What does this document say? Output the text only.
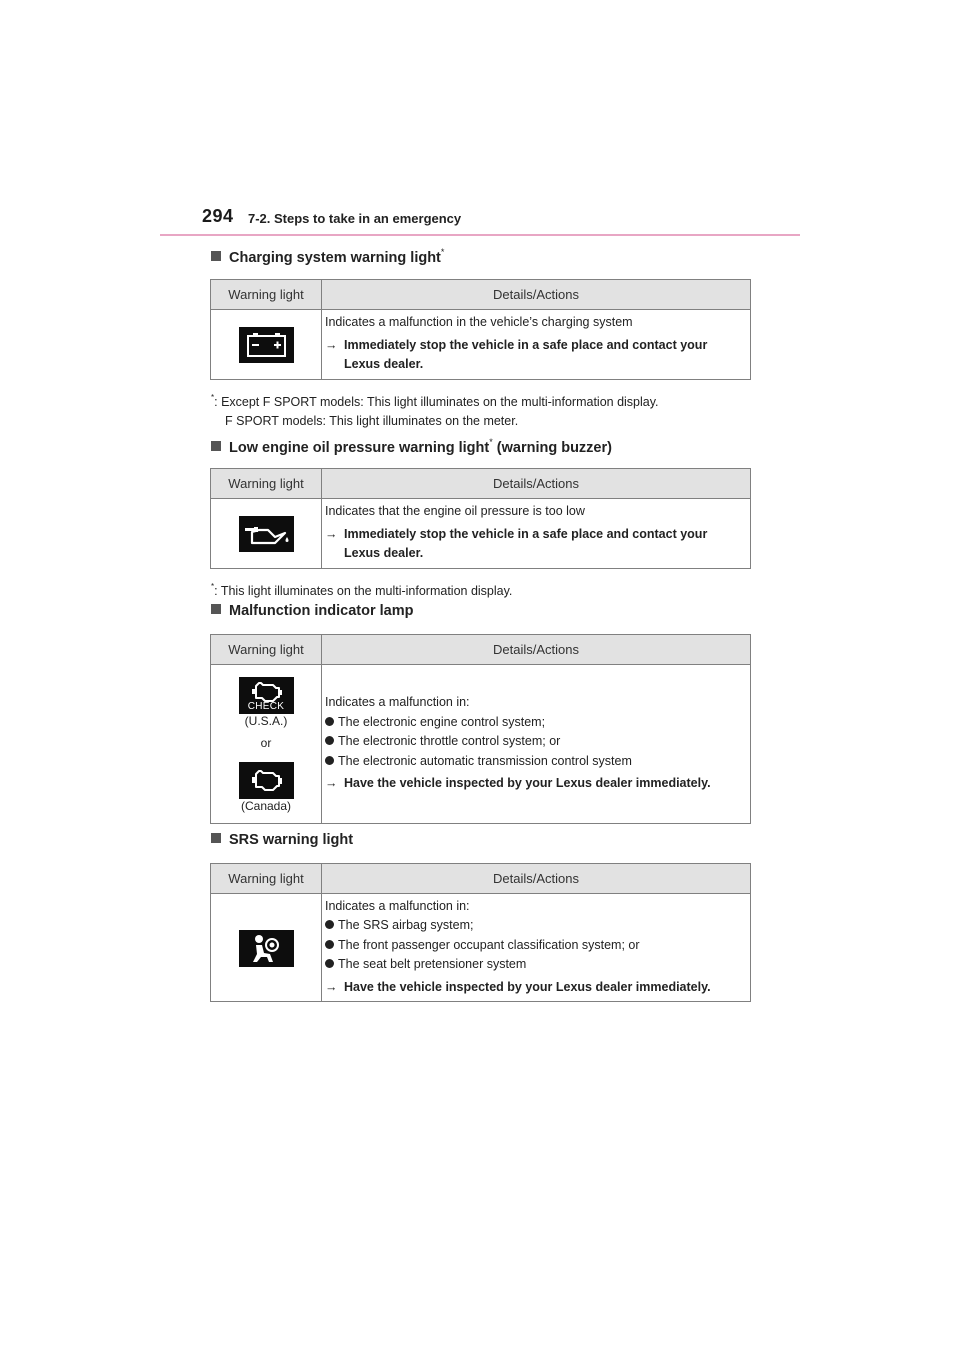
294 7-2. Steps to take in an emergency
Charging system warning light*
Warning light	Details/Actions
Indicates a malfunction in the vehicle’s charging system
→ Immediately stop the vehicle in a safe place and contact your Lexus dealer.
*: Except F SPORT models: This light illuminates on the multi-information display.
F SPORT models: This light illuminates on the meter.
Low engine oil pressure warning light* (warning buzzer)
Warning light	Details/Actions
Indicates that the engine oil pressure is too low
→ Immediately stop the vehicle in a safe place and contact your Lexus dealer.
*: This light illuminates on the multi-information display.
Malfunction indicator lamp
Warning light	Details/Actions
CHECK
(U.S.A.)
or
(Canada)
Indicates a malfunction in:
The electronic engine control system;
The electronic throttle control system; or
The electronic automatic transmission control system
→ Have the vehicle inspected by your Lexus dealer immediately.
SRS warning light
Warning light	Details/Actions
Indicates a malfunction in:
The SRS airbag system;
The front passenger occupant classification system; or
The seat belt pretensioner system
→ Have the vehicle inspected by your Lexus dealer immediately.
